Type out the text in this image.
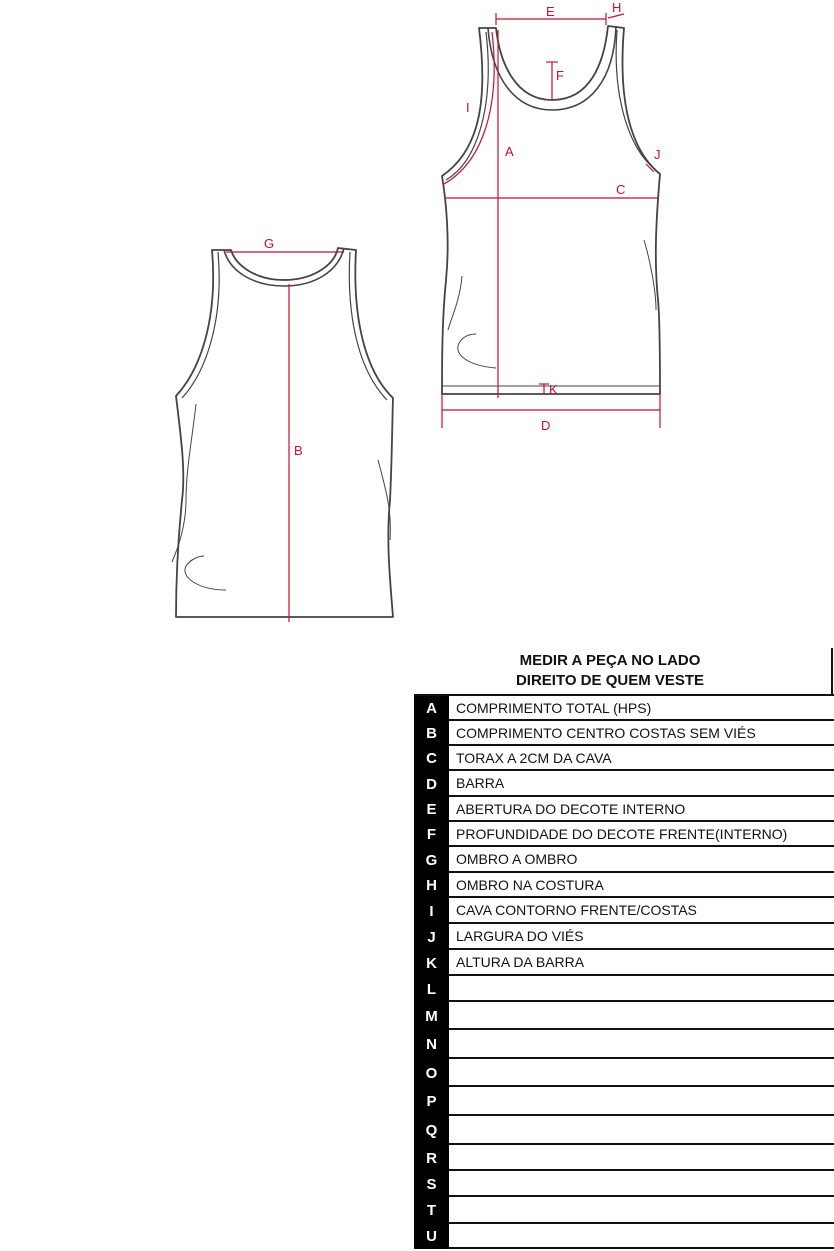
G
B
E	H
F
I
A	J
C
K
D
MEDIR A PEÇA NO LADO
DIREITO DE QUEM VESTE
A	COMPRIMENTO TOTAL (HPS)
B	COMPRIMENTO CENTRO COSTAS SEM VIÉS
C	TORAX A 2CM DA CAVA
D	BARRA
E	ABERTURA DO DECOTE INTERNO
F	PROFUNDIDADE DO DECOTE FRENTE(INTERNO)
G	OMBRO A OMBRO
H	OMBRO NA COSTURA
I	CAVA CONTORNO FRENTE/COSTAS
J	LARGURA DO VIÉS
K	ALTURA DA BARRA
L
M
N
O
P
Q
R
S
T
U
